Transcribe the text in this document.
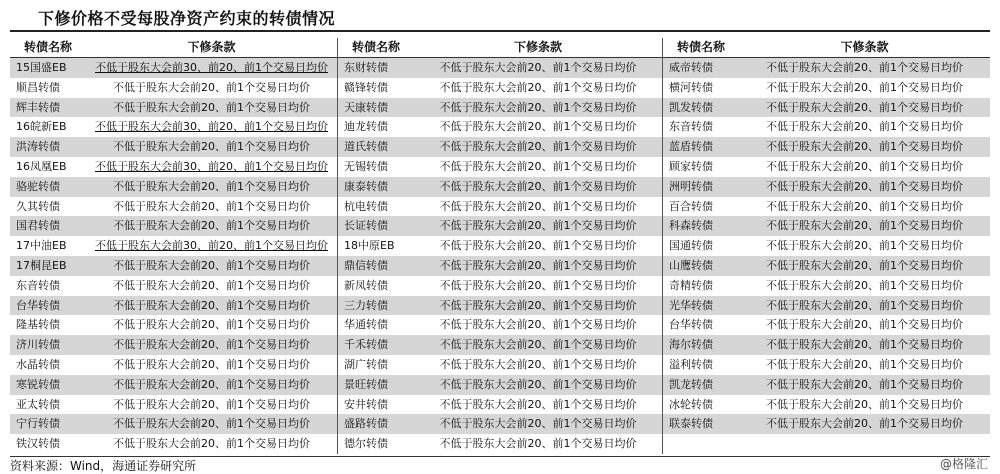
下修价格不受每股净资产约束的转债情况
转债名称	下修条款
15国盛EB	不低于股东大会前30、前20、前1个交易日均价
顺昌转债	不低于股东大会前20、前1个交易日均价
辉丰转债	不低于股东大会前20、前1个交易日均价
16皖新EB	不低于股东大会前30、前20、前1个交易日均价
洪涛转债	不低于股东大会前20、前1个交易日均价
16凤凰EB	不低于股东大会前30、前20、前1个交易日均价
骆驼转债	不低于股东大会前20、前1个交易日均价
久其转债	不低于股东大会前20、前1个交易日均价
国君转债	不低于股东大会前20、前1个交易日均价
17中油EB	不低于股东大会前30、前20、前1个交易日均价
17桐昆EB	不低于股东大会前20、前1个交易日均价
东音转债	不低于股东大会前20、前1个交易日均价
台华转债	不低于股东大会前20、前1个交易日均价
隆基转债	不低于股东大会前20、前1个交易日均价
济川转债	不低于股东大会前20、前1个交易日均价
水晶转债	不低于股东大会前20、前1个交易日均价
寒锐转债	不低于股东大会前20、前1个交易日均价
亚太转债	不低于股东大会前20、前1个交易日均价
宁行转债	不低于股东大会前20、前1个交易日均价
铁汉转债	不低于股东大会前20、前1个交易日均价
转债名称	下修条款
东财转债	不低于股东大会前20、前1个交易日均价
赣锋转债	不低于股东大会前20、前1个交易日均价
天康转债	不低于股东大会前20、前1个交易日均价
迪龙转债	不低于股东大会前20、前1个交易日均价
道氏转债	不低于股东大会前20、前1个交易日均价
无锡转债	不低于股东大会前20、前1个交易日均价
康泰转债	不低于股东大会前20、前1个交易日均价
杭电转债	不低于股东大会前20、前1个交易日均价
长证转债	不低于股东大会前20、前1个交易日均价
18中原EB	不低于股东大会前20、前1个交易日均价
鼎信转债	不低于股东大会前20、前1个交易日均价
新凤转债	不低于股东大会前20、前1个交易日均价
三力转债	不低于股东大会前20、前1个交易日均价
华通转债	不低于股东大会前20、前1个交易日均价
千禾转债	不低于股东大会前20、前1个交易日均价
湖广转债	不低于股东大会前20、前1个交易日均价
景旺转债	不低于股东大会前20、前1个交易日均价
安井转债	不低于股东大会前20、前1个交易日均价
盛路转债	不低于股东大会前20、前1个交易日均价
德尔转债	不低于股东大会前20、前1个交易日均价
转债名称	下修条款
威帝转债	不低于股东大会前20、前1个交易日均价
横河转债	不低于股东大会前20、前1个交易日均价
凯发转债	不低于股东大会前20、前1个交易日均价
东音转债	不低于股东大会前20、前1个交易日均价
蓝盾转债	不低于股东大会前20、前1个交易日均价
顾家转债	不低于股东大会前20、前1个交易日均价
洲明转债	不低于股东大会前20、前1个交易日均价
百合转债	不低于股东大会前20、前1个交易日均价
科森转债	不低于股东大会前20、前1个交易日均价
国通转债	不低于股东大会前20、前1个交易日均价
山鹰转债	不低于股东大会前20、前1个交易日均价
奇精转债	不低于股东大会前20、前1个交易日均价
光华转债	不低于股东大会前20、前1个交易日均价
台华转债	不低于股东大会前20、前1个交易日均价
海尔转债	不低于股东大会前20、前1个交易日均价
溢利转债	不低于股东大会前20、前1个交易日均价
凯龙转债	不低于股东大会前20、前1个交易日均价
冰轮转债	不低于股东大会前20、前1个交易日均价
联泰转债	不低于股东大会前20、前1个交易日均价
资料来源：Wind，海通证券研究所	@格隆汇
